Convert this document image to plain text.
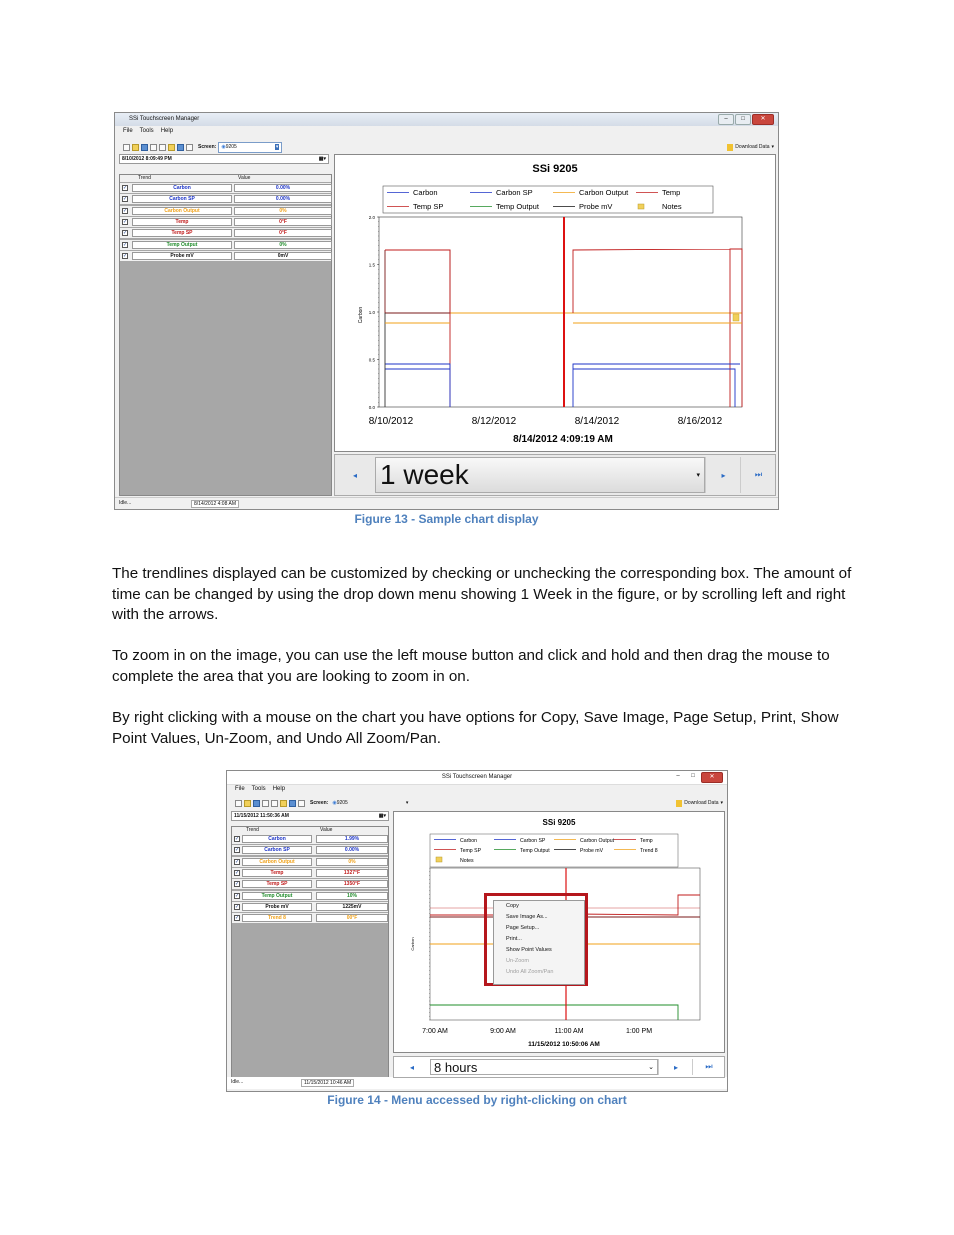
SSi Touchscreen Manager	–	□	✕
File Tools Help
Screen: ◉ 9205	▾	Download Data ▾
8/10/2012 8:09:49 PM	▦▾
Trend	Value
✓	Carbon	0.00%
✓	Carbon SP	0.00%
✓	Carbon Output	0%
✓	Temp	0°F
✓	Temp SP	0°F
✓	Temp Output	0%
✓	Probe mV	0mV
Idle...	8/14/2012 4:08 AM
SSi 9205
Carbon	Carbon SP	Carbon Output	Temp
Temp SP	Temp Output	Probe mV	Notes
2.0
1.5
1.0
0.5
0.0
Carbon
8/10/2012	8/12/2012	8/14/2012	8/16/2012
8/14/2012 4:09:19 AM
◂ 1 week	▾	▸	⏭
Figure 13 - Sample chart display

The trendlines displayed can be customized by checking or unchecking the corresponding box. The amount of time can be changed by using the drop down menu showing 1 Week in the figure, or by scrolling left and right with the arrows.

To zoom in on the image, you can use the left mouse button and click and hold and then drag the mouse to complete the area that you are looking to zoom in on.

By right clicking with a mouse on the chart you have options for Copy, Save Image, Page Setup, Print, Show Point Values, Un-Zoom, and Undo All Zoom/Pan.

SSi Touchscreen Manager	–	□	✕
File Tools Help
Screen: ◉ 9205	▾	Download Data ▾
11/15/2012 11:50:36 AM	▦▾
Trend	Value
✓	Carbon	1.99%
✓	Carbon SP	0.00%
✓	Carbon Output	0%
✓	Temp	1327°F
✓	Temp SP	1350°F
✓	Temp Output	10%
✓	Probe mV	1225mV
✓	Trend 8	00°F
Idle...	11/15/2012 10:46 AM
SSi 9205
Carbon	Carbon SP	Carbon Output	Temp
Temp SP	Temp Output	Probe mV	Trend 8
Notes
Carbon
7:00 AM	9:00 AM	11:00 AM	1:00 PM
11/15/2012 10:50:06 AM
◂	8 hours	⌄	▸	⏭
Copy
Save Image As...
Page Setup...
Print...
Show Point Values
Un-Zoom
Undo All Zoom/Pan
Figure 14 - Menu accessed by right-clicking on chart
